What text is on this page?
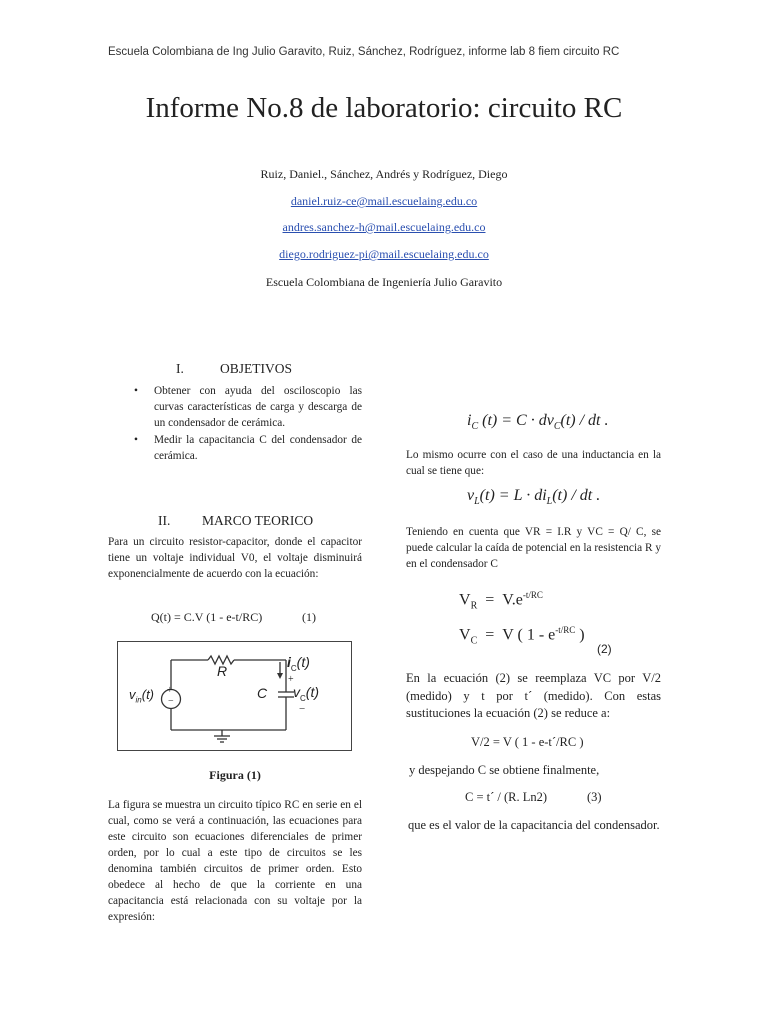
Escuela Colombiana de Ing Julio Garavito, Ruiz, Sánchez, Rodríguez, informe lab 8 fiem circuito RC
Informe No.8 de laboratorio: circuito RC
Ruiz, Daniel., Sánchez, Andrés y Rodríguez, Diego
daniel.ruiz-ce@mail.escuelaing.edu.co
andres.sanchez-h@mail.escuelaing.edu.co
diego.rodriguez-pi@mail.escuelaing.edu.co
Escuela Colombiana de Ingeniería Julio Garavito
I.	OBJETIVOS
• Obtener con ayuda del osciloscopio las curvas características de carga y descarga de un condensador de cerámica.
• Medir la capacitancia C del condensador de cerámica.
II. MARCO TEORICO
Para un circuito resistor-capacitor, donde el capacitor tiene un voltaje individual V0, el voltaje disminuirá exponencialmente de acuerdo con la ecuación:
Q(t) = C.V (1 - e-t/RC)	(1)
+
−
R
C
$i_C(t)$
+
$v_C(t)$
−
$v_{in}(t)$
Figura (1)
La figura se muestra un circuito típico RC en serie en el cual, como se verá a continuación, las ecuaciones para este circuito son ecuaciones diferenciales de primer orden, por lo cual a este tipo de circuitos se les denomina también circuitos de primer orden. Esto obedece al hecho de que la corriente en una capacitancia está relacionada con su voltaje por la expresión:
$i_C$ $(t) = C \cdot dv_C(t)$ / dt .
Lo mismo ocurre con el caso de una inductancia en la cual se tiene que:
$v_L(t) = L \cdot di_L(t)$ / dt .
Teniendo en cuenta que VR = I.R y VC = Q/ C, se puede calcular la caída de potencial en la resistencia R y en el condensador C
$V_R = V.e^{-t/RC}$
$V_C = V$ ( $1 - e^{-t/RC}$ )
(2)
En la ecuación (2) se reemplaza VC por V/2 (medido) y t por t´ (medido). Con estas sustituciones la ecuación (2) se reduce a:
V/2 = V ( 1 - e-t´/RC )
y despejando C se obtiene finalmente,
C = t´ / (R. Ln2)	(3)
que es el valor de la capacitancia del condensador.
